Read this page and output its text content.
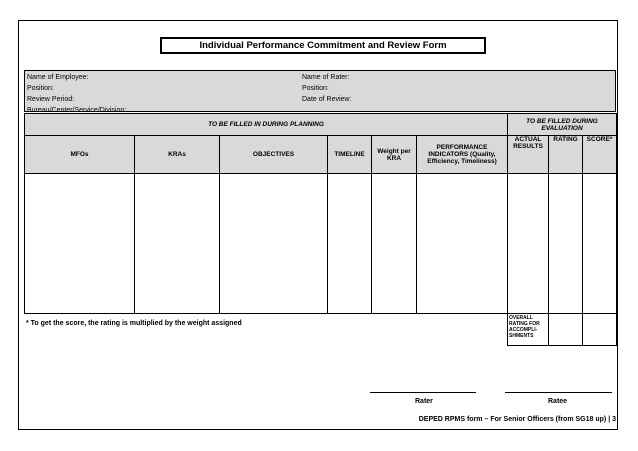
Individual Performance Commitment and Review Form
Name of Employee:
Position:
Review Period:
Bureau/Center/Service/Division:
Name of Rater:
Position:
Date of Review:
TO BE FILLED IN DURING PLANNING						TO BE FILLED DURING EVALUATION		
MFOs	KRAs	OBJECTIVES	TIMELINE	Weight per KRA	PERFORMANCE INDICATORS (Quality, Efficiency, Timeliness)	ACTUAL RESULTS	RATING	SCORE*

						OVERALL RATING FOR ACCOMPLI- SHMENTS		
* To get the score, the rating is multiplied by the weight assigned
Rater	Ratee
DEPED RPMS form – For Senior Officers (from SG18 up) | 3
